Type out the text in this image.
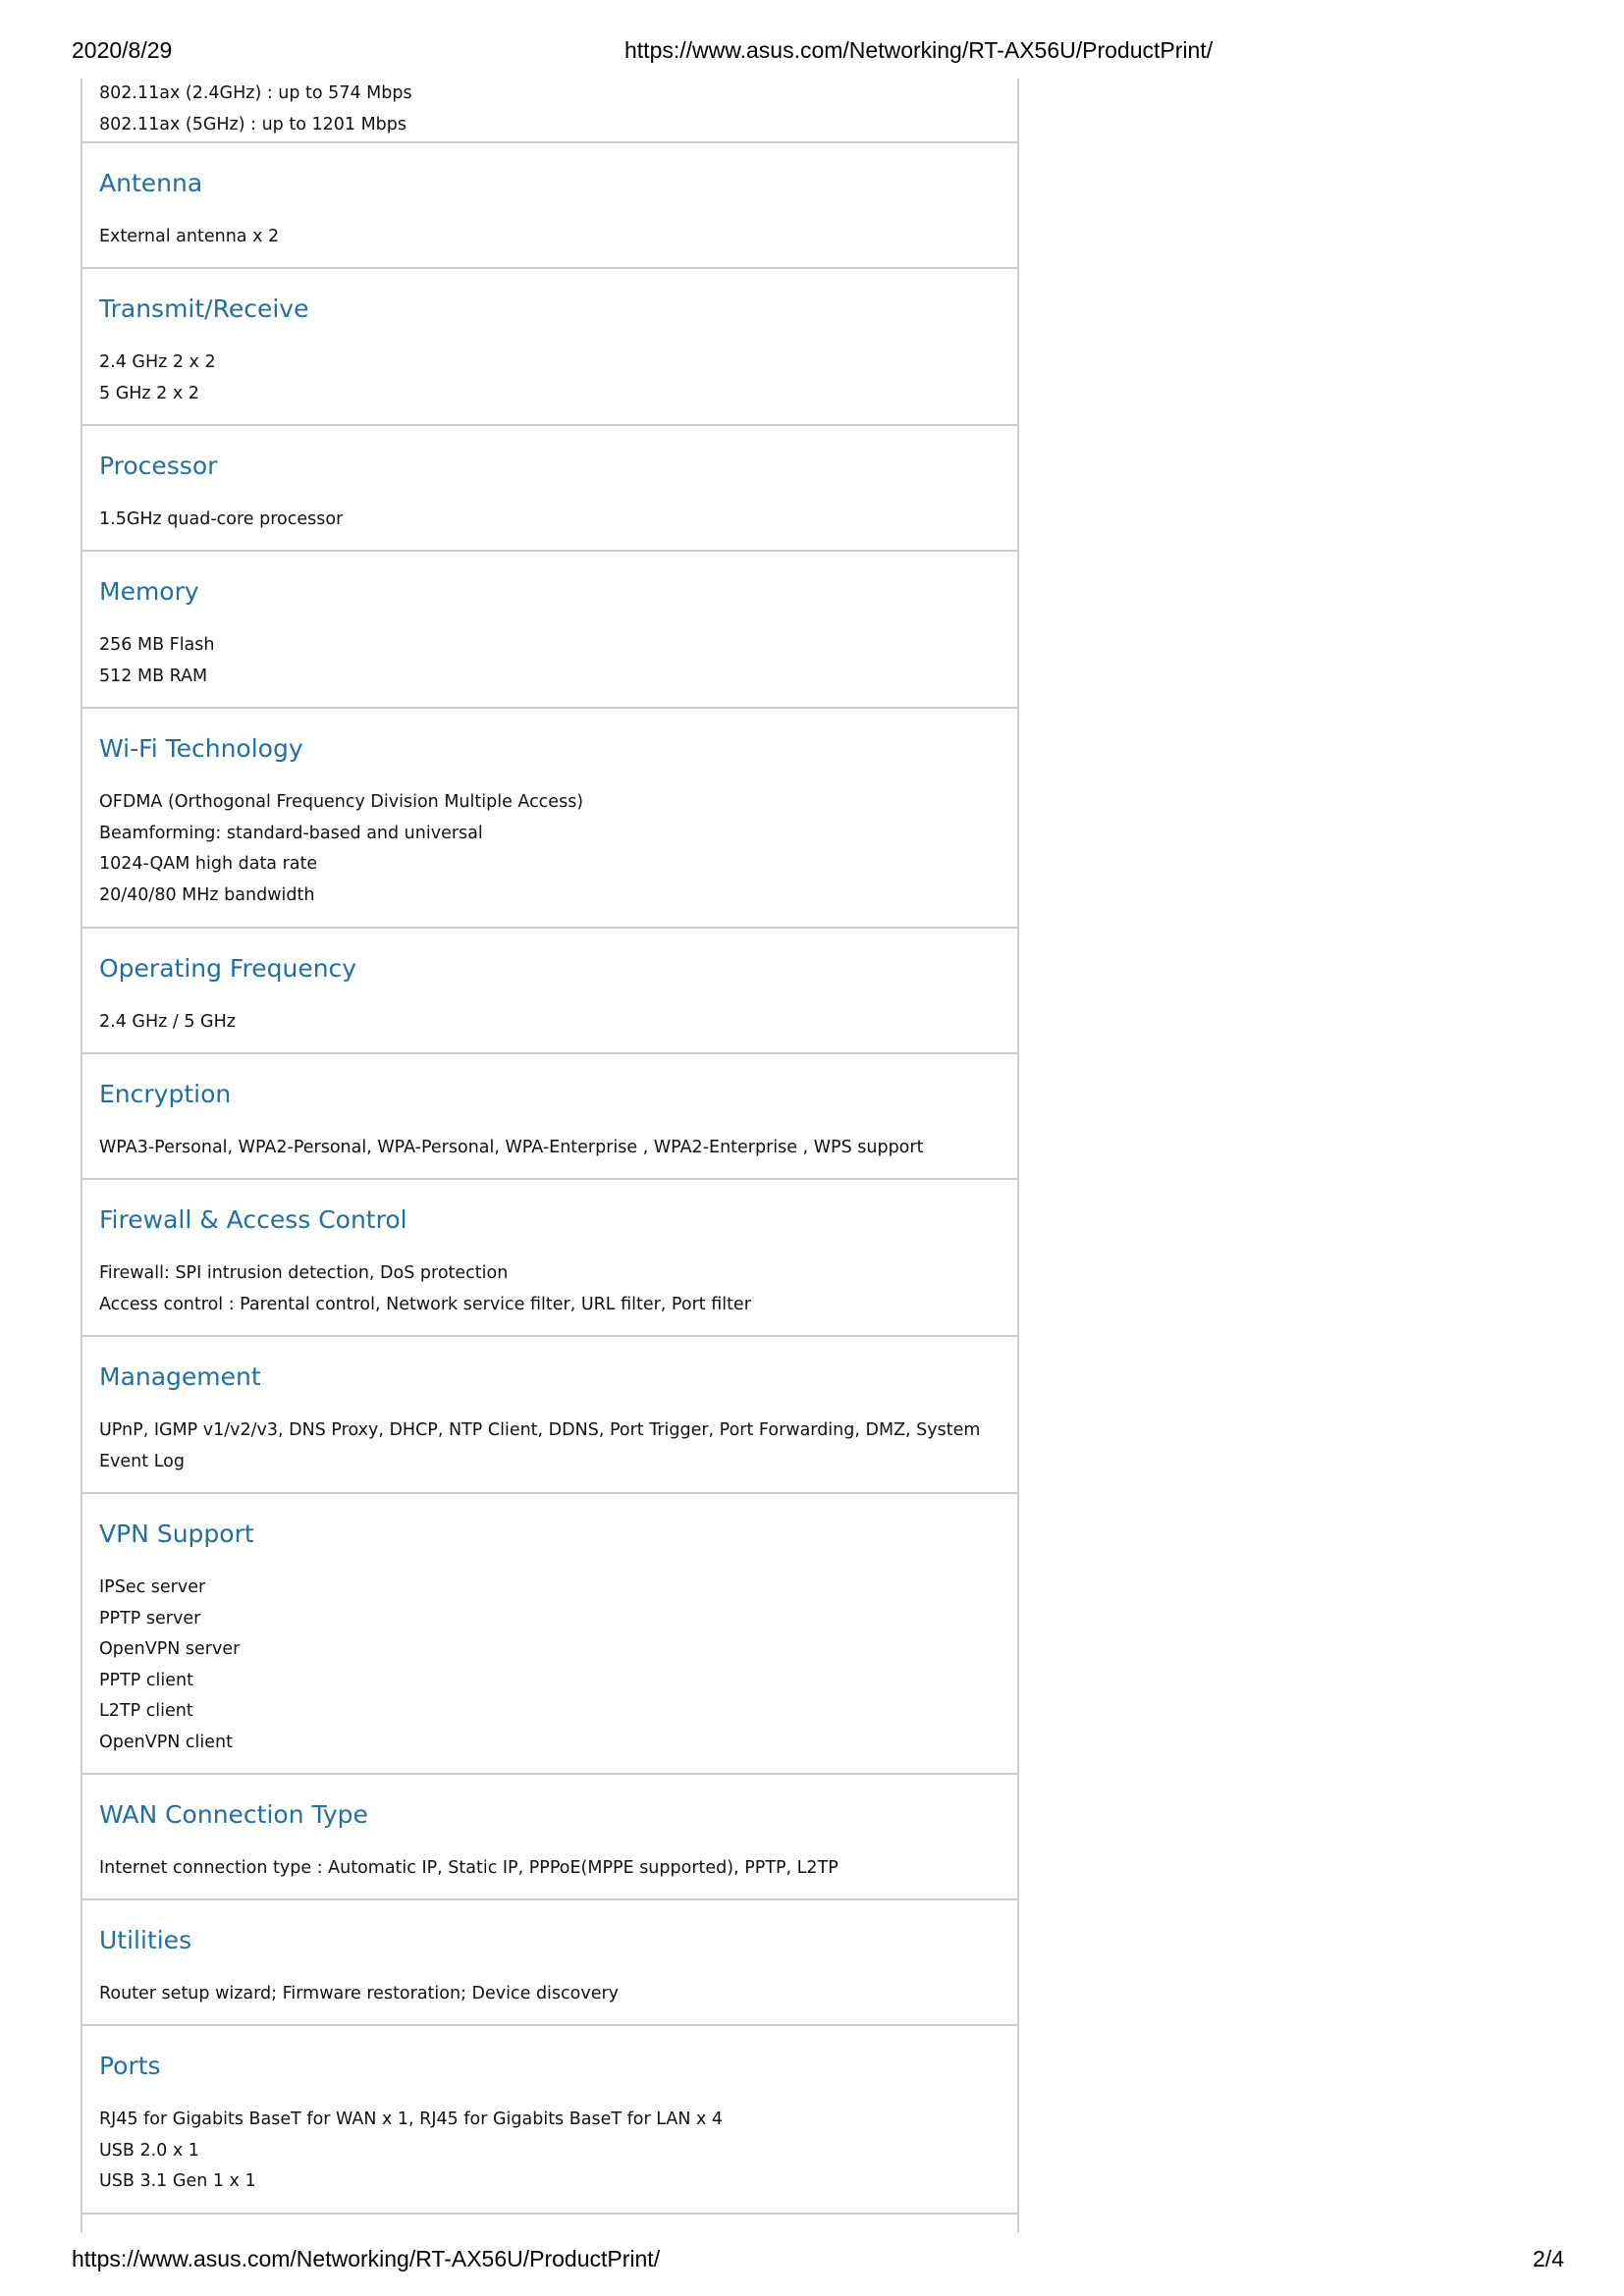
2020/8/29	https://www.asus.com/Networking/RT-AX56U/ProductPrint/
802.11ax (2.4GHz) : up to 574 Mbps
802.11ax (5GHz) : up to 1201 Mbps
Antenna
External antenna x 2
Transmit/Receive
2.4 GHz 2 x 2
5 GHz 2 x 2
Processor
1.5GHz quad-core processor
Memory
256 MB Flash
512 MB RAM
Wi-Fi Technology
OFDMA (Orthogonal Frequency Division Multiple Access)
Beamforming: standard-based and universal
1024-QAM high data rate
20/40/80 MHz bandwidth
Operating Frequency
2.4 GHz / 5 GHz
Encryption
WPA3-Personal, WPA2-Personal, WPA-Personal, WPA-Enterprise , WPA2-Enterprise , WPS support
Firewall & Access Control
Firewall: SPI intrusion detection, DoS protection
Access control : Parental control, Network service filter, URL filter, Port filter
Management
UPnP, IGMP v1/v2/v3, DNS Proxy, DHCP, NTP Client, DDNS, Port Trigger, Port Forwarding, DMZ, System Event Log
VPN Support
IPSec server
PPTP server
OpenVPN server
PPTP client
L2TP client
OpenVPN client
WAN Connection Type
Internet connection type : Automatic IP, Static IP, PPPoE(MPPE supported), PPTP, L2TP
Utilities
Router setup wizard; Firmware restoration; Device discovery
Ports
RJ45 for Gigabits BaseT for WAN x 1, RJ45 for Gigabits BaseT for LAN x 4
USB 2.0 x 1
USB 3.1 Gen 1 x 1
https://www.asus.com/Networking/RT-AX56U/ProductPrint/	2/4
